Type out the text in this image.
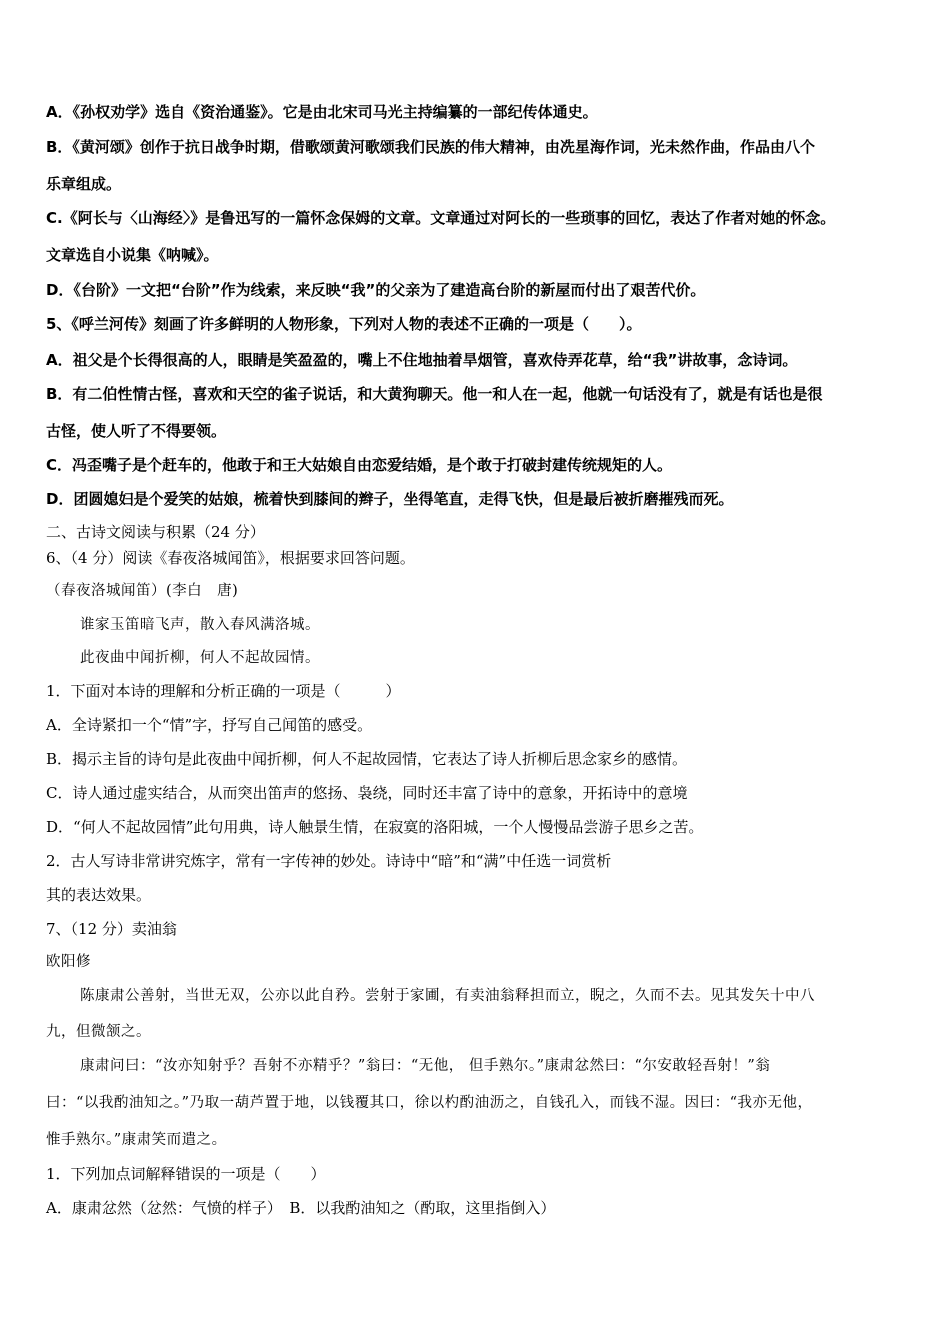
A．《孙权劝学》选自《资治通鉴》。它是由北宋司马光主持编纂的一部纪传体通史。

B．《黄河颂》创作于抗日战争时期，借歌颂黄河歌颂我们民族的伟大精神，由冼星海作词，光未然作曲，作品由八个

乐章组成。

C.《阿长与〈山海经〉》是鲁迅写的一篇怀念保姆的文章。文章通过对阿长的一些琐事的回忆，表达了作者对她的怀念。

文章选自小说集《呐喊》。

D．《台阶》一文把“台阶”作为线索，来反映“我”的父亲为了建造高台阶的新屋而付出了艰苦代价。

5、《呼兰河传》刻画了许多鲜明的人物形象，下列对人物的表述不正确的一项是（　　）。

A．祖父是个长得很高的人，眼睛是笑盈盈的，嘴上不住地抽着旱烟管，喜欢侍弄花草，给“我”讲故事，念诗词。

B．有二伯性情古怪，喜欢和天空的雀子说话，和大黄狗聊天。他一和人在一起，他就一句话没有了，就是有话也是很

古怪，使人听了不得要领。

C．冯歪嘴子是个赶车的，他敢于和王大姑娘自由恋爱结婚，是个敢于打破封建传统规矩的人。

D．团圆媳妇是个爱笑的姑娘，梳着快到膝间的辫子，坐得笔直，走得飞快，但是最后被折磨摧残而死。

二、古诗文阅读与积累（24 分）

6、（4 分）阅读《春夜洛城闻笛》，根据要求回答问题。

（春夜洛城闻笛）(李白　唐)

谁家玉笛暗飞声，散入春风满洛城。

此夜曲中闻折柳，何人不起故园情。

1．下面对本诗的理解和分析正确的一项是（　　　）

A．全诗紧扣一个“情”字，抒写自己闻笛的感受。

B．揭示主旨的诗句是此夜曲中闻折柳，何人不起故园情，它表达了诗人折柳后思念家乡的感情。

C．诗人通过虚实结合，从而突出笛声的悠扬、袅绕，同时还丰富了诗中的意象，开拓诗中的意境

D．“何人不起故园情”此句用典，诗人触景生情，在寂寞的洛阳城，一个人慢慢品尝游子思乡之苦。

2．古人写诗非常讲究炼字，常有一字传神的妙处。诗诗中“暗”和“满”中任选一词赏析

其的表达效果。

7、（12 分）卖油翁

欧阳修

陈康肃公善射，当世无双，公亦以此自矜。尝射于家圃，有卖油翁释担而立，睨之，久而不去。见其发矢十中八

九，但微颔之。

康肃问曰：“汝亦知射乎？吾射不亦精乎？”翁曰：“无他， 但手熟尔。”康肃忿然曰：“尔安敢轻吾射！”翁

曰：“以我酌油知之。”乃取一葫芦置于地，以钱覆其口，徐以杓酌油沥之，自钱孔入，而钱不湿。因曰：“我亦无他，

惟手熟尔。”康肃笑而遣之。

1．下列加点词解释错误的一项是（　　）

A．康肃忿然（忿然：气愤的样子）　B．以我酌油知之（酌取，这里指倒入）
